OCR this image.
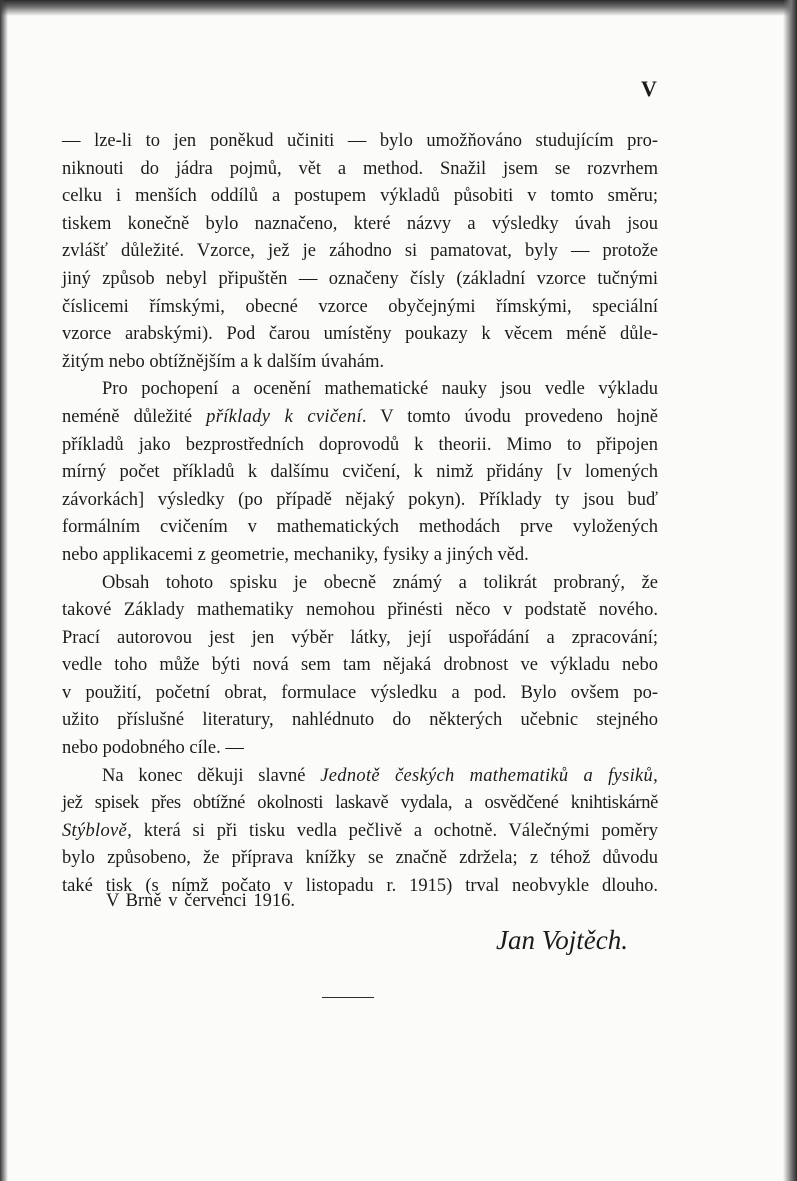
V
— lze-li to jen poněkud učiniti — bylo umožňováno studujícím pro-
niknouti do jádra pojmů, vět a method. Snažil jsem se rozvrhem
celku i menších oddílů a postupem výkladů působiti v tomto směru;
tiskem konečně bylo naznačeno, které názvy a výsledky úvah jsou
zvlášť důležité. Vzorce, jež je záhodno si pamatovat, byly — protože
jiný způsob nebyl připuštěn — označeny čísly (základní vzorce tučnými
číslicemi římskými, obecné vzorce obyčejnými římskými, speciální
vzorce arabskými). Pod čarou umístěny poukazy k věcem méně důle-
žitým nebo obtížnějším a k dalším úvahám.
Pro pochopení a ocenění mathematické nauky jsou vedle výkladu
neméně důležité příklady k cvičení. V tomto úvodu provedeno hojně
příkladů jako bezprostředních doprovodů k theorii. Mimo to připojen
mírný počet příkladů k dalšímu cvičení, k nimž přidány [v lomených
závorkách] výsledky (po případě nějaký pokyn). Příklady ty jsou buď
formálním cvičením v mathematických methodách prve vyložených
nebo applikacemi z geometrie, mechaniky, fysiky a jiných věd.
Obsah tohoto spisku je obecně známý a tolikrát probraný, že
takové Základy mathematiky nemohou přinésti něco v podstatě nového.
Prací autorovou jest jen výběr látky, její uspořádání a zpracování;
vedle toho může býti nová sem tam nějaká drobnost ve výkladu nebo
v použití, početní obrat, formulace výsledku a pod. Bylo ovšem po-
užito příslušné literatury, nahlédnuto do některých učebnic stejného
nebo podobného cíle. —
Na konec děkuji slavné Jednotě českých mathematiků a fysiků,
jež spisek přes obtížné okolnosti laskavě vydala, a osvědčené knihtiskárně
Stýblově, která si při tisku vedla pečlivě a ochotně. Válečnými poměry
bylo způsobeno, že příprava knížky se značně zdržela; z téhož důvodu
také tisk (s nímž počato v listopadu r. 1915) trval neobvykle dlouho.
V Brně v červenci 1916.
Jan Vojtěch.
